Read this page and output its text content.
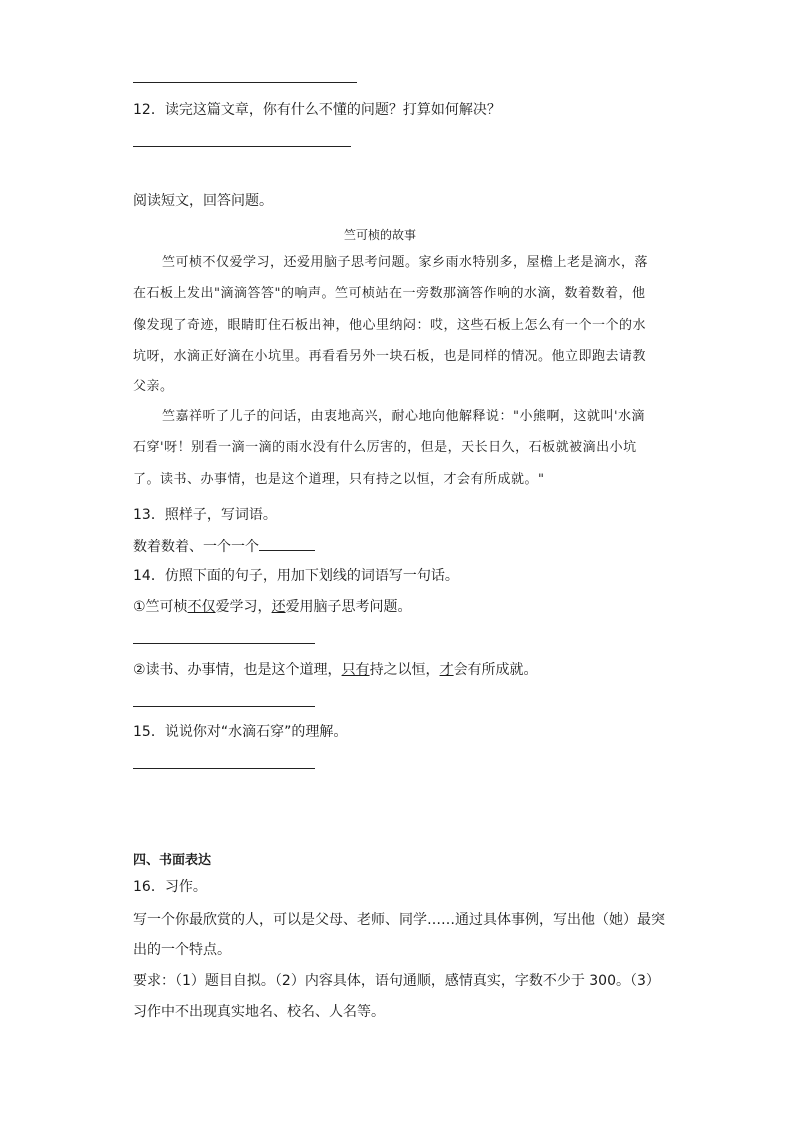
12．读完这篇文章，你有什么不懂的问题？打算如何解决？
阅读短文，回答问题。
竺可桢的故事
竺可桢不仅爱学习，还爱用脑子思考问题。家乡雨水特别多，屋檐上老是滴水，落
在石板上发出"滴滴答答"的响声。竺可桢站在一旁数那滴答作响的水滴，数着数着，他
像发现了奇迹，眼睛盯住石板出神，他心里纳闷：哎，这些石板上怎么有一个一个的水
坑呀，水滴正好滴在小坑里。再看看另外一块石板，也是同样的情况。他立即跑去请教
父亲。
竺嘉祥听了儿子的问话，由衷地高兴，耐心地向他解释说："小熊啊，这就叫'水滴
石穿'呀！别看一滴一滴的雨水没有什么厉害的，但是，天长日久，石板就被滴出小坑
了。读书、办事情，也是这个道理，只有持之以恒，才会有所成就。"
13．照样子，写词语。
数着数着、一个一个
14．仿照下面的句子，用加下划线的词语写一句话。
①竺可桢不仅爱学习，还爱用脑子思考问题。
②读书、办事情，也是这个道理，只有持之以恒，才会有所成就。
15．说说你对“水滴石穿”的理解。
四、书面表达
16．习作。
写一个你最欣赏的人，可以是父母、老师、同学……通过具体事例，写出他（她）最突
出的一个特点。
要求：（1）题目自拟。（2）内容具体，语句通顺，感情真实，字数不少于 300。（3）
习作中不出现真实地名、校名、人名等。
